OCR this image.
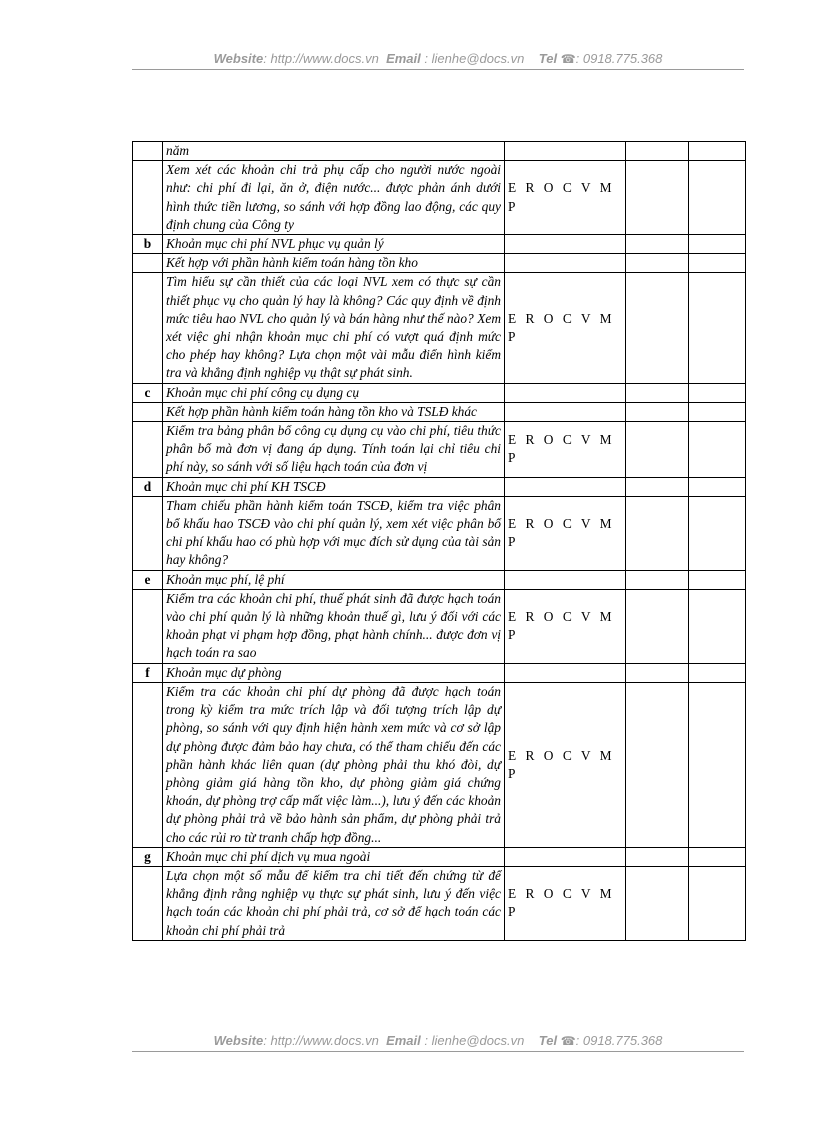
Website: http://www.docs.vn Email : lienhe@docs.vn Tel ☎: 0918.775.368
	năm			
	Xem xét các khoản chi trả phụ cấp cho người nước ngoài như: chi phí đi lại, ăn ở, điện nước... được phản ánh dưới hình thức tiền lương, so sánh với hợp đồng lao động, các quy định chung của Công ty	E R O C V M P		
b	Khoản mục chi phí NVL phục vụ quản lý			
	Kết hợp với phần hành kiểm toán hàng tồn kho			
	Tìm hiểu sự cần thiết của các loại NVL xem có thực sự cần thiết phục vụ cho quản lý hay là không? Các quy định về định mức tiêu hao NVL cho quản lý và bán hàng như thế nào? Xem xét việc ghi nhận khoản mục chi phí có vượt quá định mức cho phép hay không? Lựa chọn một vài mẫu điển hình kiểm tra và khẳng định nghiệp vụ thật sự phát sinh.	E R O C V M P		
c	Khoản mục chi phí công cụ dụng cụ			
	Kết hợp phần hành kiểm toán hàng tồn kho và TSLĐ khác			
	Kiểm tra bảng phân bổ công cụ dụng cụ vào chi phí, tiêu thức phân bổ mà đơn vị đang áp dụng. Tính toán lại chỉ tiêu chi phí này, so sánh với số liệu hạch toán của đơn vị	E R O C V M P		
d	Khoản mục chi phí KH TSCĐ			
	Tham chiếu phần hành kiểm toán TSCĐ, kiểm tra việc phân bổ khấu hao TSCĐ vào chi phí quản lý, xem xét việc phân bổ chi phí khấu hao có phù hợp với mục đích sử dụng của tài sản hay không?	E R O C V M P		
e	Khoản mục phí, lệ phí			
	Kiểm tra các khoản chi phí, thuế phát sinh đã được hạch toán vào chi phí quản lý là những khoản thuế gì, lưu ý đối với các khoản phạt vi phạm hợp đồng, phạt hành chính... được đơn vị hạch toán ra sao	E R O C V M P		
f	Khoản mục dự phòng			
	Kiểm tra các khoản chi phí dự phòng đã được hạch toán trong kỳ kiểm tra mức trích lập và đối tượng trích lập dự phòng, so sánh với quy định hiện hành xem mức và cơ sở lập dự phòng được đảm bảo hay chưa, có thể tham chiếu đến các phần hành khác liên quan (dự phòng phải thu khó đòi, dự phòng giảm giá hàng tồn kho, dự phòng giảm giá chứng khoán, dự phòng trợ cấp mất việc làm...), lưu ý đến các khoản dự phòng phải trả về bảo hành sản phẩm, dự phòng phải trả cho các rủi ro từ tranh chấp hợp đồng...	E R O C V M P		
g	Khoản mục chi phí dịch vụ mua ngoài			
	Lựa chọn một số mẫu để kiểm tra chi tiết đến chứng từ để khẳng định rằng nghiệp vụ thực sự phát sinh, lưu ý đến việc hạch toán các khoản chi phí phải trả, cơ sở để hạch toán các khoản chi phí phải trả	E R O C V M P		
Website: http://www.docs.vn Email : lienhe@docs.vn Tel ☎: 0918.775.368
